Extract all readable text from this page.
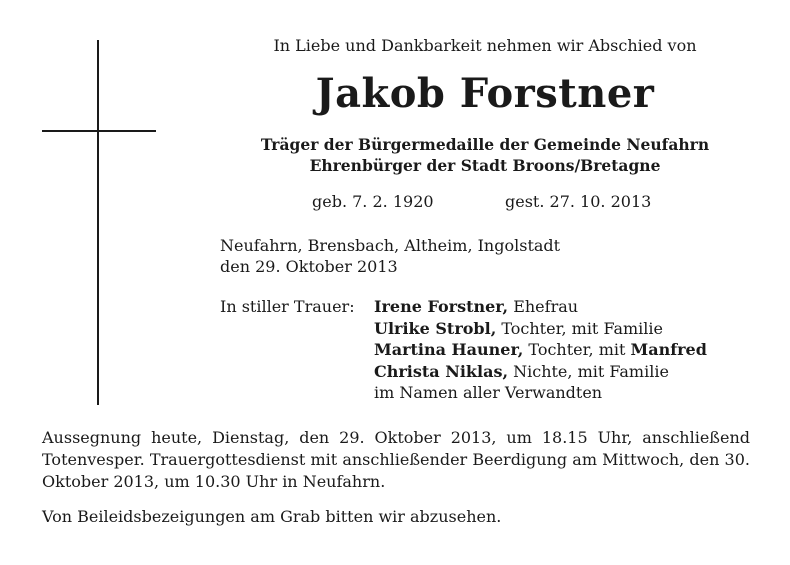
In Liebe und Dankbarkeit nehmen wir Abschied von
Jakob Forstner
Träger der Bürgermedaille der Gemeinde Neufahrn
Ehrenbürger der Stadt Broons/Bretagne
geb. 7. 2. 1920	gest. 27. 10. 2013
Neufahrn, Brensbach, Altheim, Ingolstadt
den 29. Oktober 2013
In stiller Trauer: Irene Forstner, Ehefrau
Ulrike Strobl, Tochter, mit Familie
Martina Hauner, Tochter, mit Manfred
Christa Niklas, Nichte, mit Familie
im Namen aller Verwandten
Aussegnung heute, Dienstag, den 29. Oktober 2013, um 18.15 Uhr, anschließend Totenvesper. Trauergottesdienst mit anschließender Beerdigung am Mittwoch, den 30. Oktober 2013, um 10.30 Uhr in Neufahrn.
Von Beileidsbezeigungen am Grab bitten wir abzusehen.
